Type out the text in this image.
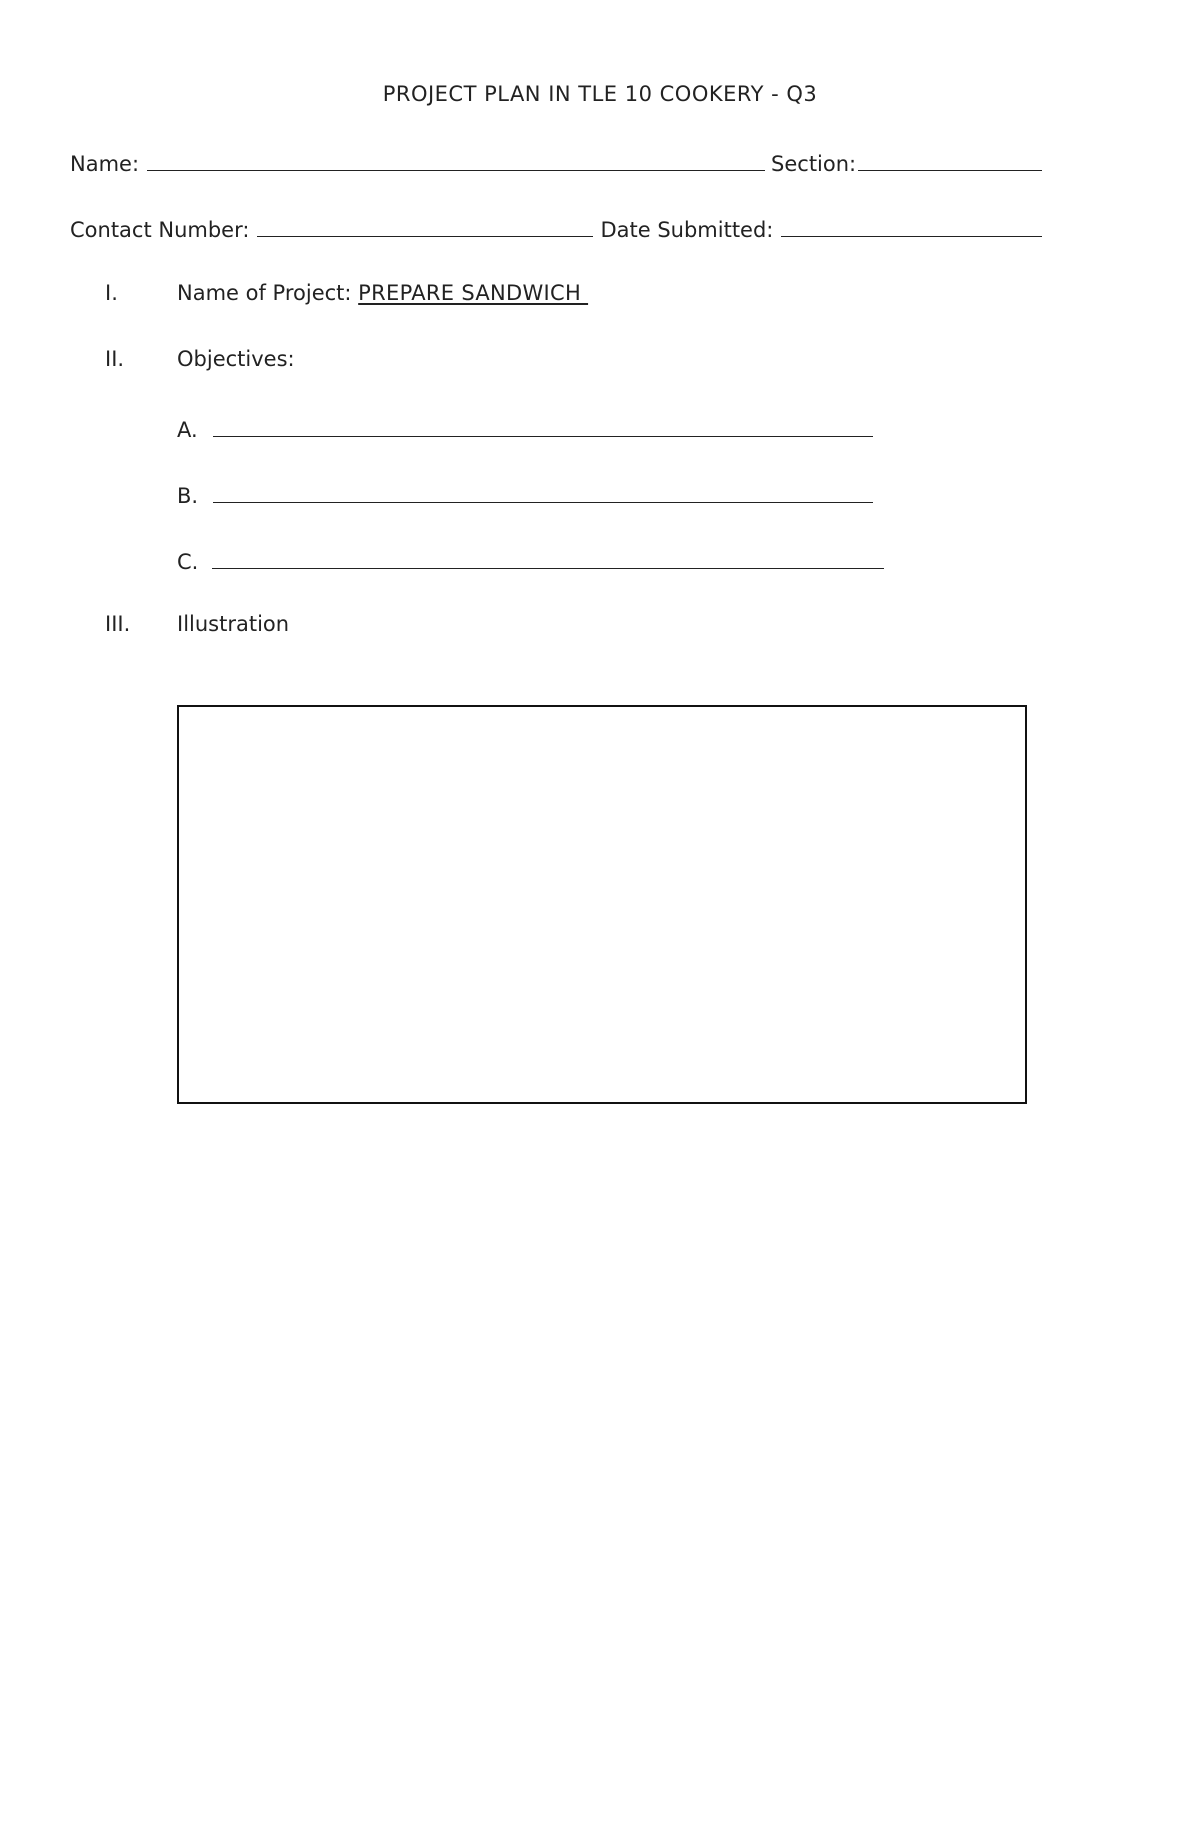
PROJECT PLAN IN TLE 10 COOKERY - Q3
Name:	Section:
Contact Number:	Date Submitted:
I.	Name of Project: PREPARE SANDWICH
II.	Objectives:
A.
B.
C.
III. Illustration
